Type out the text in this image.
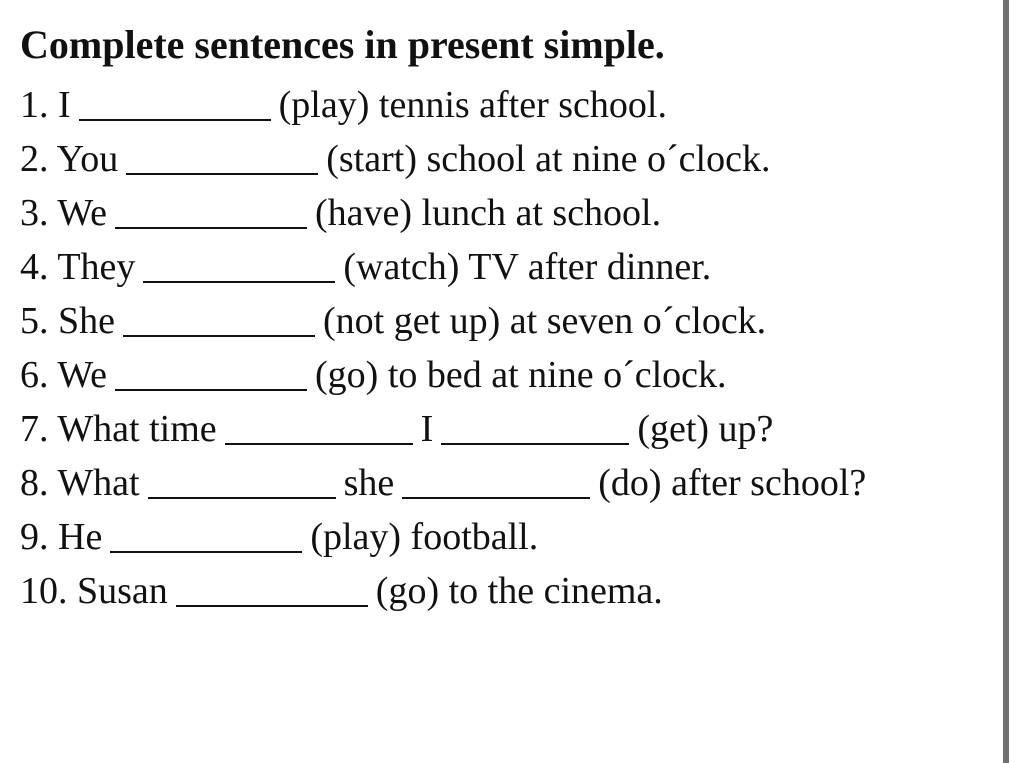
Complete sentences in present simple.
1. I	(play) tennis after school.
2. You	(start) school at nine o´clock.
3. We	(have) lunch at school.
4. They	(watch) TV after dinner.
5. She	(not get up) at seven o´clock.
6. We	(go) to bed at nine o´clock.
7. What time	I	(get) up?
8. What	she	(do) after school?
9. He	(play) football.
10. Susan	(go) to the cinema.
